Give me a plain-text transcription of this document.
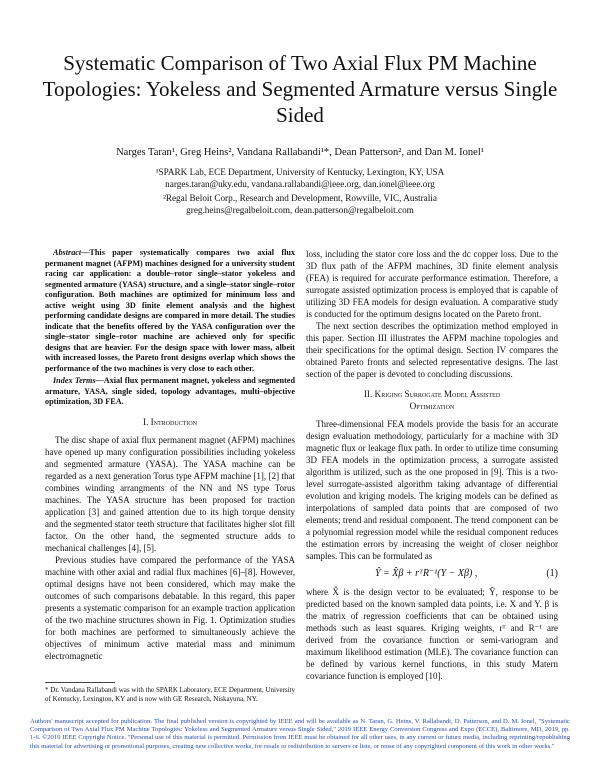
Systematic Comparison of Two Axial Flux PM Machine Topologies: Yokeless and Segmented Armature versus Single Sided
Narges Taran¹, Greg Heins², Vandana Rallabandi¹*, Dean Patterson², and Dan M. Ionel¹
¹SPARK Lab, ECE Department, University of Kentucky, Lexington, KY, USA
narges.taran@uky.edu, vandana.rallabandi@ieee.org, dan.ionel@ieee.org
²Regal Beloit Corp., Research and Development, Rowville, VIC, Australia
greg.heins@regalbeloit.com, dean.patterson@regalbeloit.com

Abstract—This paper systematically compares two axial flux permanent magnet (AFPM) machines designed for a university student racing car application: a double–rotor single–stator yokeless and segmented armature (YASA) structure, and a single–stator single–rotor configuration. Both machines are optimized for minimum loss and active weight using 3D finite element analysis and the highest performing candidate designs are compared in more detail. The studies indicate that the benefits offered by the YASA configuration over the single–stator single–rotor machine are achieved only for specific designs that are heavier. For the design space with lower mass, albeit with increased losses, the Pareto front designs overlap which shows the performance of the two machines is very close to each other.

Index Terms—Axial flux permanent magnet, yokeless and segmented armature, YASA, single sided, topology advantages, multi–objective optimization, 3D FEA.

I. Introduction

The disc shape of axial flux permanent magnet (AFPM) machines have opened up many configuration possibilities including yokeless and segmented armature (YASA). The YASA machine can be regarded as a next generation Torus type AFPM machine [1], [2] that combines winding arrangments of the NN and NS type Torus machines. The YASA structure has been proposed for traction application [3] and gained attention due to its high torque density and the segmented stator teeth structure that facilitates higher slot fill factor. On the other hand, the segmented structure adds to mechanical challenges [4], [5].

Previous studies have compared the performance of the YASA machine with other axial and radial flux machines [6]–[8]. However, optimal designs have not been considered, which may make the outcomes of such comparisons debatable. In this regard, this paper presents a systematic comparison for an example traction application of the two machine structures shown in Fig. 1. Optimization studies for both machines are performed to simultaneously achieve the objectives of minimum active material mass and minimum electromagnetic

loss, including the stator core loss and the dc copper loss. Due to the 3D flux path of the AFPM machines, 3D finite element analysis (FEA) is required for accurate performance estimation. Therefore, a surrogate assisted optimization process is employed that is capable of utilizing 3D FEA models for design evaluation. A comparative study is conducted for the optimum designs located on the Pareto front.

The next section describes the optimization method employed in this paper. Section III illustrates the AFPM machine topologies and their specifications for the optimal design. Section IV compares the obtained Pareto fronts and selected representative designs. The last section of the paper is devoted to concluding discussions.

II. Kriging Surrogate Model Assisted
Optimization

Three-dimensional FEA models provide the basis for an accurate design evaluation methodology, particularly for a machine with 3D magnetic flux or leakage flux path. In order to utilize time consuming 3D FEA models in the optimization process, a surrogate assisted algorithm is utilized, such as the one proposed in [9]. This is a two-level surrogate-assisted algorithm taking advantage of differential evolution and kriging models. The kriging models can be defined as interpolations of sampled data points that are composed of two elements; trend and residual component. The trend component can be a polynomial regression model while the residual component reduces the estimation errors by increasing the weight of closer neighbor samples. This can be formulated as

Ŷ = X̂β + rᵀR⁻¹(Y − Xβ) ,	(1)

where X̂ is the design vector to be evaluated; Ŷ, response to be predicted based on the known sampled data points, i.e. X and Y. β is the matrix of regression coefficients that can be obtained using methods such as least squares. Kriging weights, rᵀ and R⁻¹ are derived from the covariance function or semi-variogram and maximum likelihood estimation (MLE). The covariance function can be defined by various kernel functions, in this study Matern covariance function is employed [10].

* Dr. Vandana Rallabandi was with the SPARK Laboratory, ECE Department, University of Kentucky, Lexington, KY and is now with GE Research, Niskayuna, NY.
Authors' manuscript accepted for publication. The final published version is copyrighted by IEEE and will be available as N. Taran, G. Heins, V. Rallabandi, D. Patterson, and D. M. Ionel, "Systematic Comparison of Two Axial Flux PM Machine Topologies: Yokeless and Segmented Armature versus Single Sided," 2019 IEEE Energy Conversion Congress and Expo (ECCE), Baltimore, MD, 2019, pp. 1-6. ©2019 IEEE Copyright Notice. "Personal use of this material is permitted. Permission from IEEE must be obtained for all other uses, in any current or future media, including reprinting/republishing this material for advertising or promotional purposes, creating new collective works, for resale or redistribution to servers or lists, or reuse of any copyrighted component of this work in other works."
